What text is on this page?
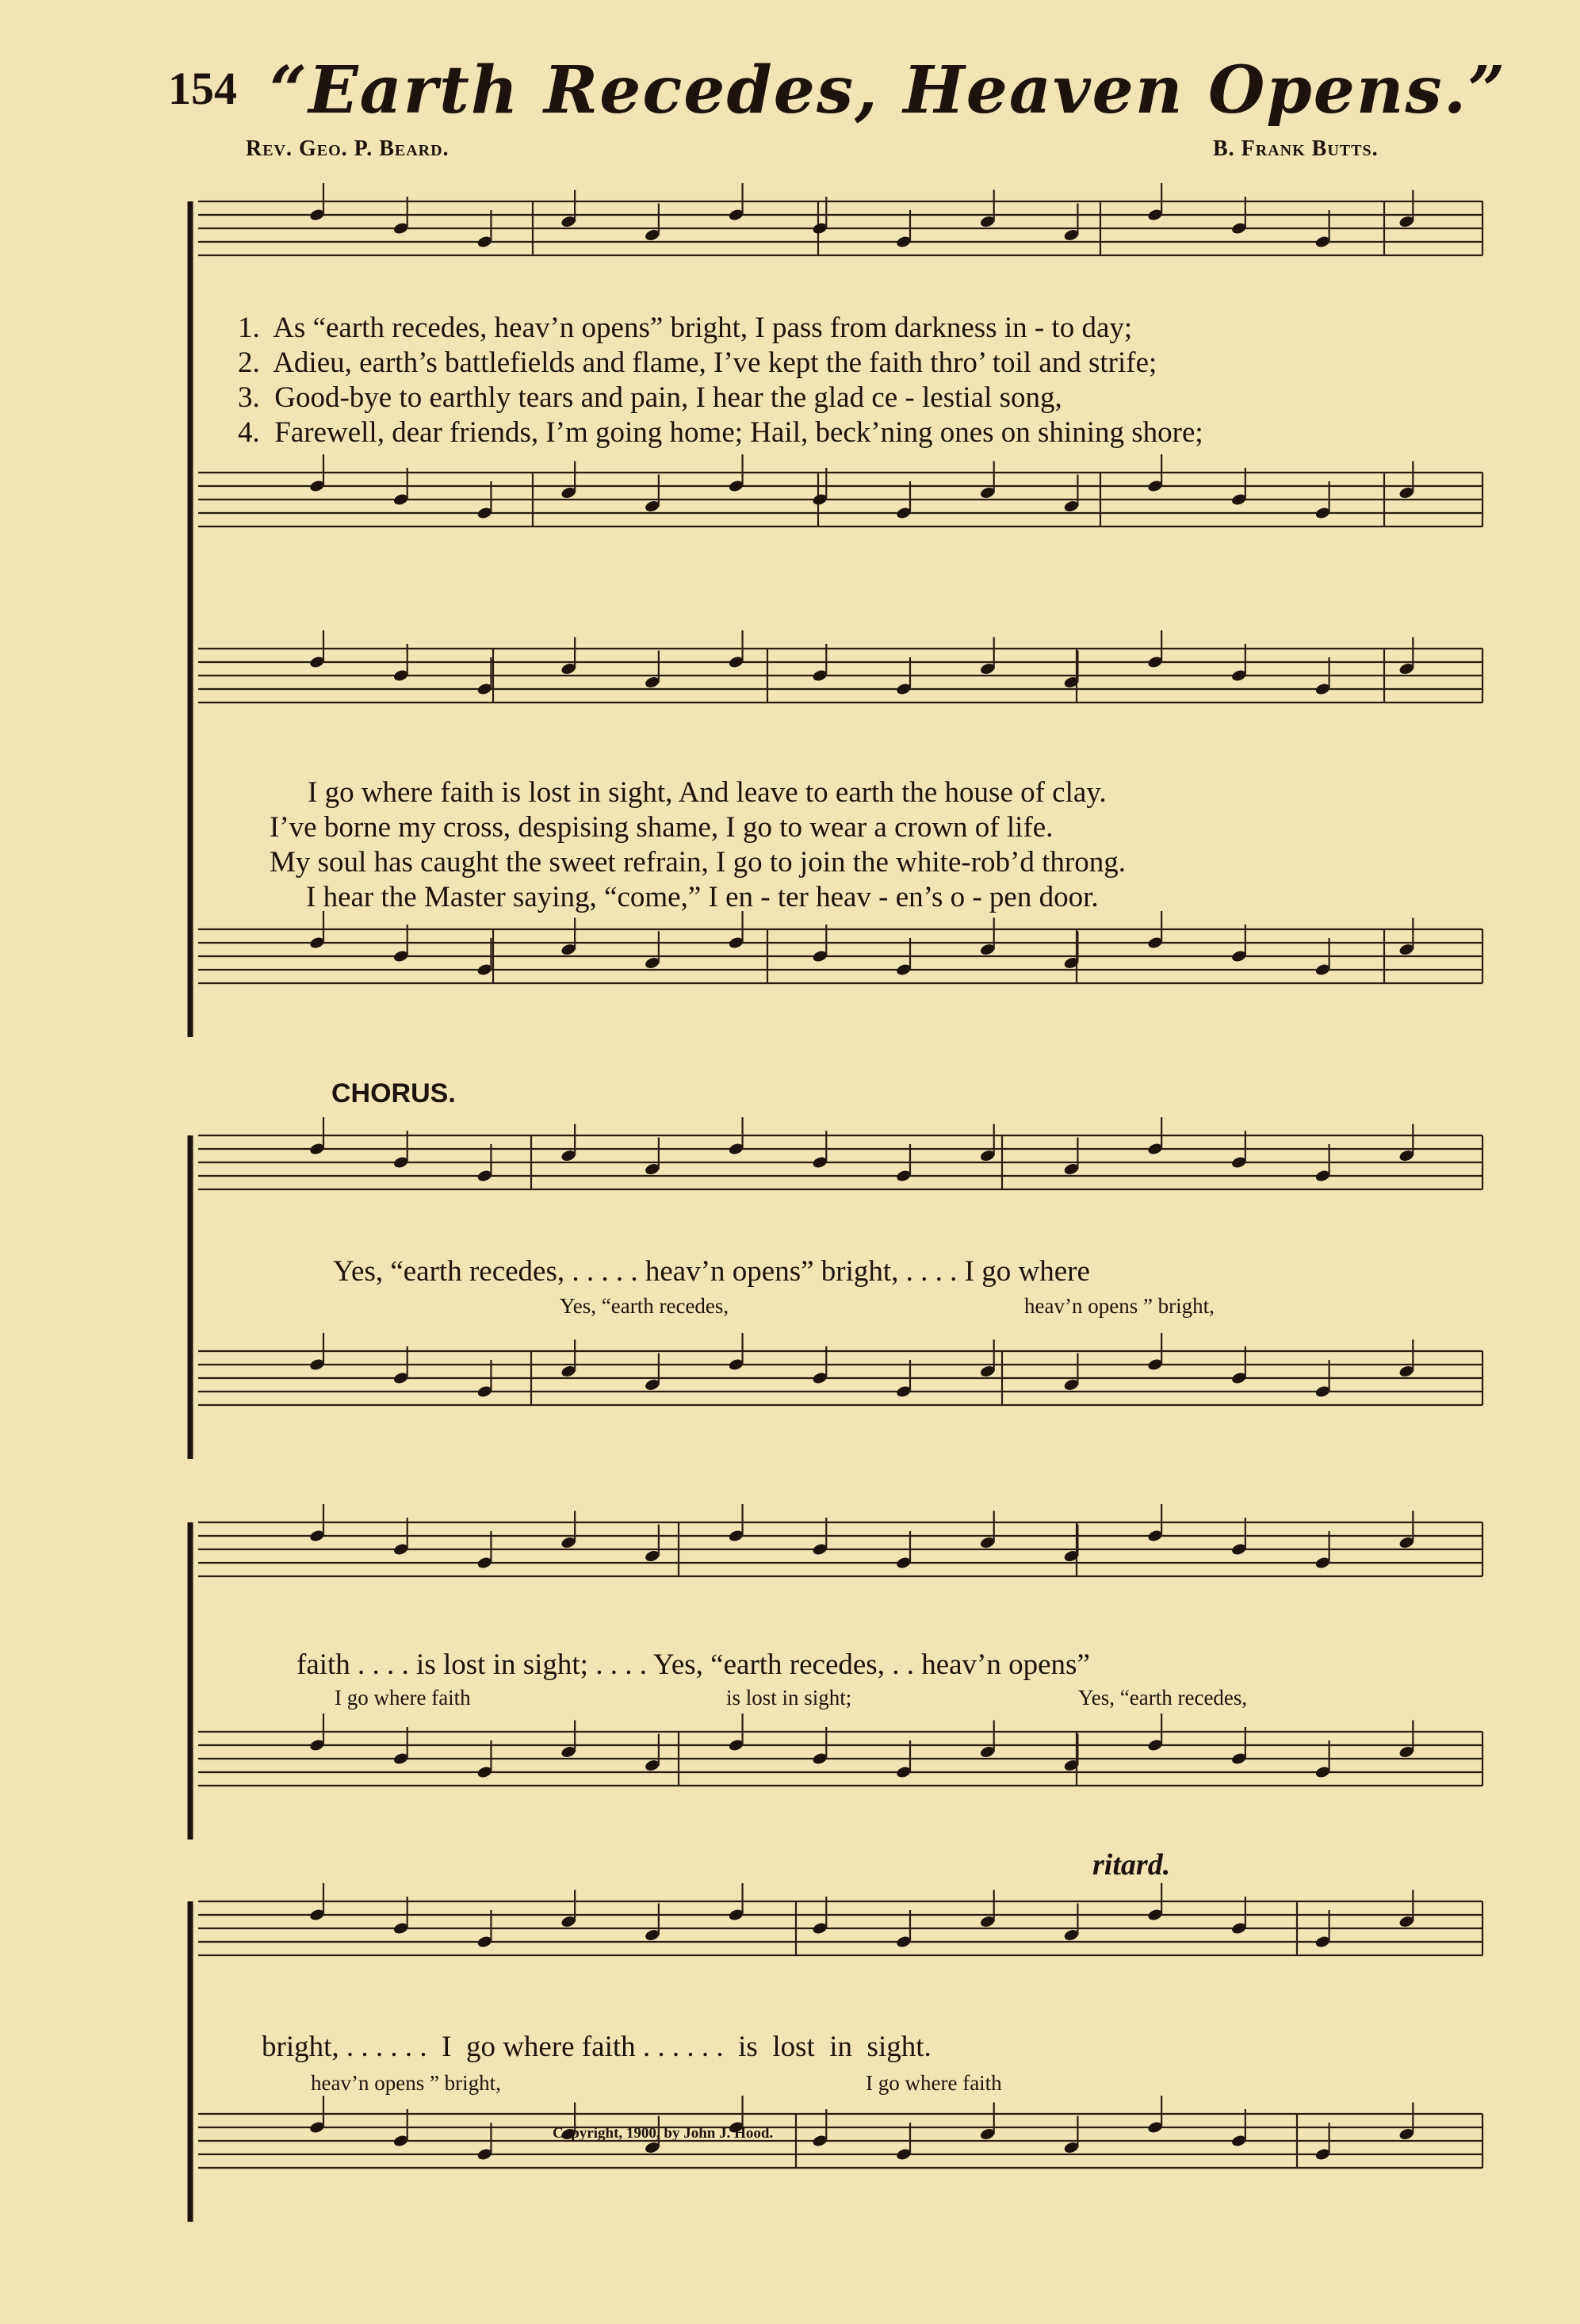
154 “Earth Recedes, Heaven Opens.”
Rev. Geo. P. Beard.	B. Frank Butts.
1.  As “earth recedes, heav’n opens” bright, I pass from darkness in - to day;
2.  Adieu, earth’s battlefields and flame, I’ve kept the faith thro’ toil and strife;
3.  Good-bye to earthly tears and pain, I hear the glad ce - lestial song,
4.  Farewell, dear friends, I’m going home; Hail, beck’ning ones on shining shore;
I go where faith is lost in sight, And leave to earth the house of clay.
I’ve borne my cross, despising shame, I go to wear a crown of life.
My soul has caught the sweet refrain, I go to join the white-rob’d throng.
I hear the Master saying, “come,” I en - ter heav - en’s o - pen door.
CHORUS.
Yes, “earth recedes, . . . . . heav’n opens” bright, . . . . I go where
Yes, “earth recedes,	heav’n opens ” bright,
faith . . . . is lost in sight; . . . . Yes, “earth recedes, . . heav’n opens”
I go where faith	is lost in sight;	Yes, “earth recedes,
ritard.
bright, . . . . . .  I  go where faith . . . . . .  is  lost  in  sight.
heav’n opens ” bright,	I go where faith
Copyright, 1900, by John J. Hood.
